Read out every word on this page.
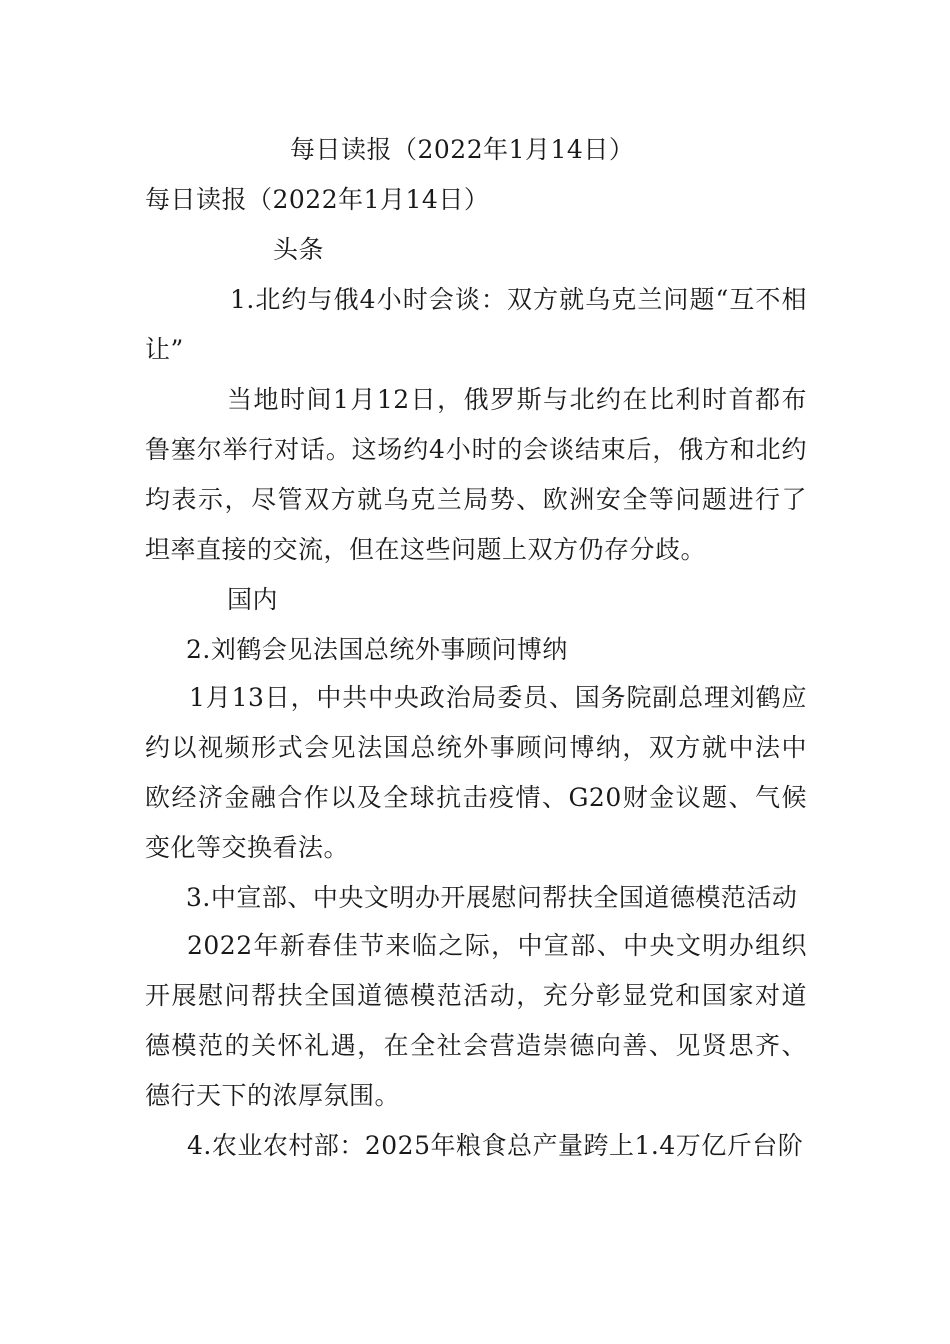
每日读报（2022年1月14日）
每日读报（2022年1月14日）
头条
1.北约与俄4小时会谈：双方就乌克兰问题“互不相让”
当地时间1月12日，俄罗斯与北约在比利时首都布鲁塞尔举行对话。这场约4小时的会谈结束后，俄方和北约均表示，尽管双方就乌克兰局势、欧洲安全等问题进行了坦率直接的交流，但在这些问题上双方仍存分歧。
国内
2.刘鹤会见法国总统外事顾问博纳
1月13日，中共中央政治局委员、国务院副总理刘鹤应约以视频形式会见法国总统外事顾问博纳，双方就中法中欧经济金融合作以及全球抗击疫情、G20财金议题、气候变化等交换看法。
3.中宣部、中央文明办开展慰问帮扶全国道德模范活动
2022年新春佳节来临之际，中宣部、中央文明办组织开展慰问帮扶全国道德模范活动，充分彰显党和国家对道德模范的关怀礼遇，在全社会营造崇德向善、见贤思齐、德行天下的浓厚氛围。
4.农业农村部：2025年粮食总产量跨上1.4万亿斤台阶
